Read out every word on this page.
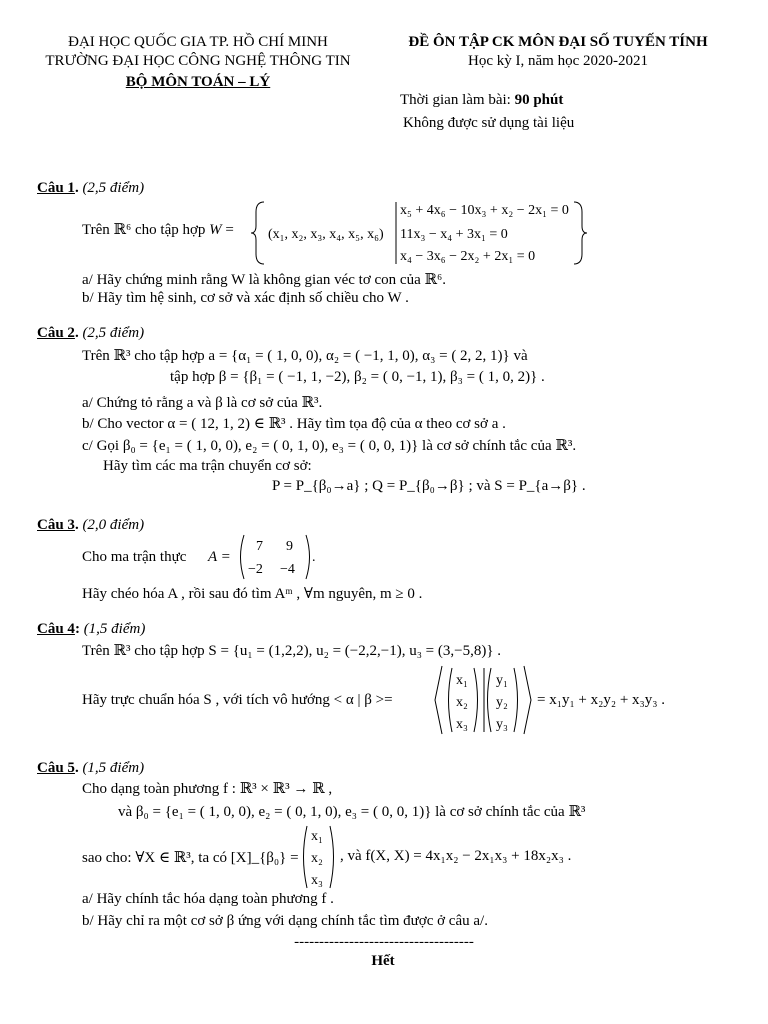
ĐẠI HỌC QUỐC GIA TP. HỒ CHÍ MINH
TRƯỜNG ĐẠI HỌC CÔNG NGHỆ THÔNG TIN
BỘ MÔN TOÁN – LÝ
ĐỀ ÔN TẬP CK MÔN ĐẠI SỐ TUYẾN TÍNH
Học kỳ I, năm học 2020-2021
Thời gian làm bài: 90 phút
Không được sử dụng tài liệu
Câu 1. (2,5 điểm)
Trên ℝ⁶ cho tập hợp W = (x₁, x₂, x₃, x₄, x₅, x₆)
x₅ + 4x₆ − 10x₃ + x₂ − 2x₁ = 0
11x₃ − x₄ + 3x₁ = 0
x₄ − 3x₆ − 2x₂ + 2x₁ = 0
a/ Hãy chứng minh rằng W là không gian véc tơ con của ℝ⁶.
b/ Hãy tìm hệ sinh, cơ sở và xác định số chiều cho W .
Câu 2. (2,5 điểm)
Trên ℝ³ cho tập hợp a = {α₁ = ( 1, 0, 0), α₂ = ( −1, 1, 0), α₃ = ( 2, 2, 1)} và
tập hợp β = {β₁ = ( −1, 1, −2), β₂ = ( 0, −1, 1), β₃ = ( 1, 0, 2)} .
a/ Chứng tỏ rằng a và β là cơ sở của ℝ³.
b/ Cho vector α = ( 12, 1, 2) ∈ ℝ³ . Hãy tìm tọa độ của α theo cơ sở a .
c/ Gọi β₀ = {e₁ = ( 1, 0, 0), e₂ = ( 0, 1, 0), e₃ = ( 0, 0, 1)} là cơ sở chính tắc của ℝ³.
Hãy tìm các ma trận chuyển cơ sở:
P = P_{β₀→a} ; Q = P_{β₀→β} ; và S = P_{a→β} .
Câu 3. (2,0 điểm)
Cho ma trận thực A =
7 9
−2 −4
.
Hãy chéo hóa A , rồi sau đó tìm Aᵐ , ∀m nguyên, m ≥ 0 .
Câu 4: (1,5 điểm)
Trên ℝ³ cho tập hợp S = {u₁ = (1,2,2), u₂ = (−2,2,−1), u₃ = (3,−5,8)} .
Hãy trực chuẩn hóa S , với tích vô hướng < α | β >=
x₁
x₂
x₃
y₁
y₂
y₃
= x₁y₁ + x₂y₂ + x₃y₃ .
Câu 5. (1,5 điểm)
Cho dạng toàn phương f : ℝ³ × ℝ³ → ℝ ,
và β₀ = {e₁ = ( 1, 0, 0), e₂ = ( 0, 1, 0), e₃ = ( 0, 0, 1)} là cơ sở chính tắc của ℝ³
sao cho: ∀X ∈ ℝ³, ta có [X]_{β₀} =
x₁
x₂
x₃
, và f(X, X) = 4x₁x₂ − 2x₁x₃ + 18x₂x₃ .
a/ Hãy chính tắc hóa dạng toàn phương f .
b/ Hãy chỉ ra một cơ sở β ứng với dạng chính tắc tìm được ở câu a/.
------------------------------------
Hết
